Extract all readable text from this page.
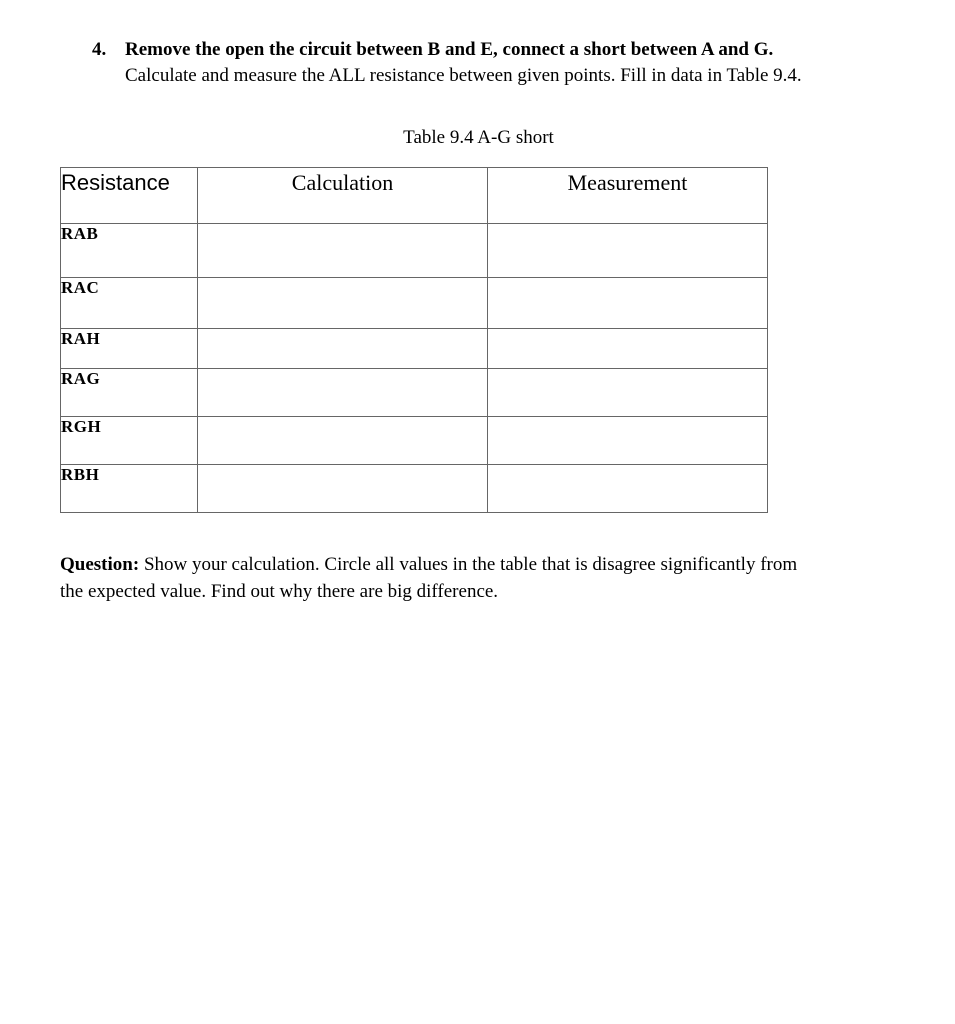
4. Remove the open the circuit between B and E, connect a short between A and G.
Calculate and measure the ALL resistance between given points. Fill in data in Table 9.4.
Table 9.4 A-G short
Resistance	Calculation	Measurement
RAB		
RAC		
RAH		
RAG		
RGH		
RBH		
Question: Show your calculation. Circle all values in the table that is disagree significantly from
the expected value. Find out why there are big difference.
